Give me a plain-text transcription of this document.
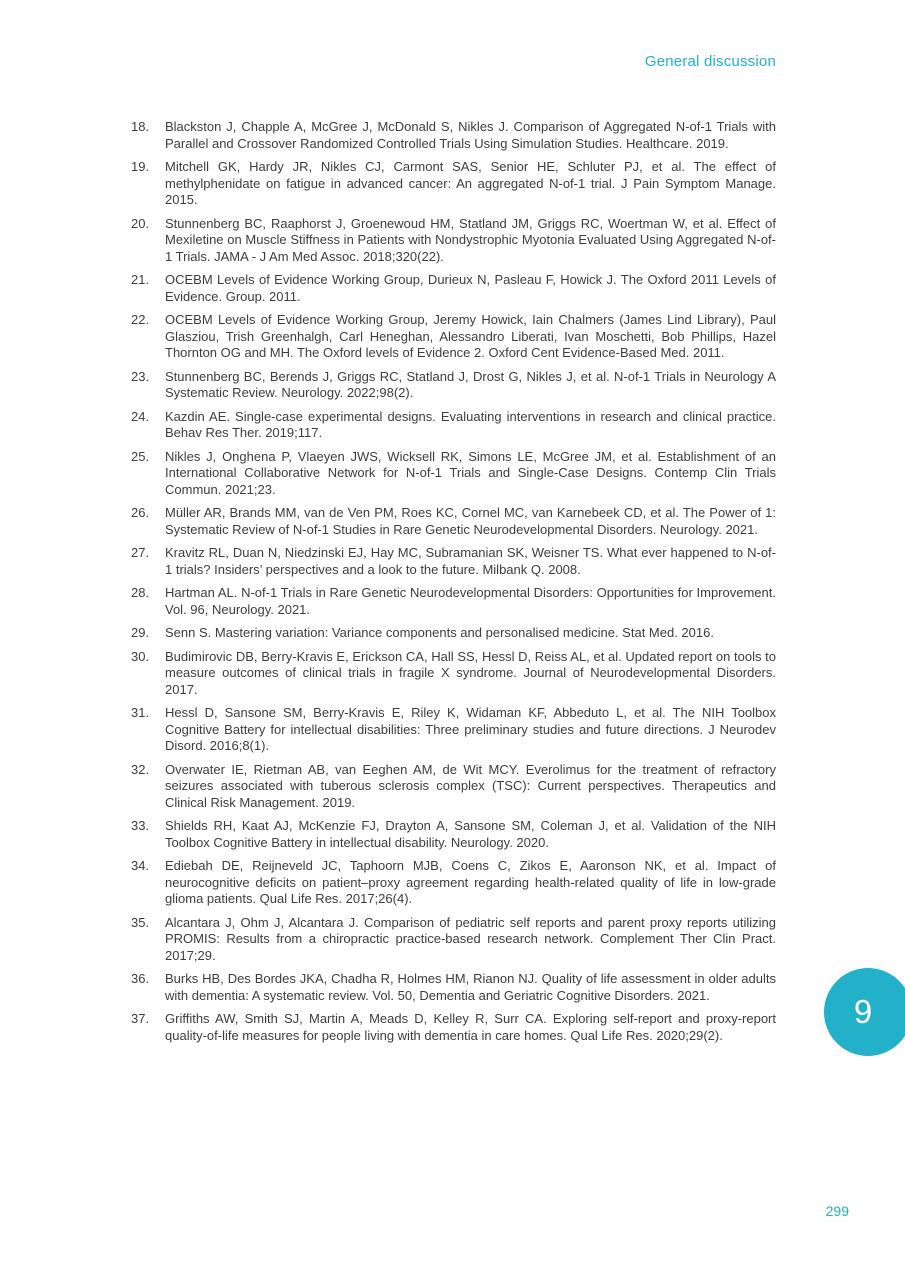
General discussion
18.	Blackston J, Chapple A, McGree J, McDonald S, Nikles J. Comparison of Aggregated N-of-1 Trials with Parallel and Crossover Randomized Controlled Trials Using Simulation Studies. Healthcare. 2019.
19.	Mitchell GK, Hardy JR, Nikles CJ, Carmont SAS, Senior HE, Schluter PJ, et al. The effect of methylphenidate on fatigue in advanced cancer: An aggregated N-of-1 trial. J Pain Symptom Manage. 2015.
20.	Stunnenberg BC, Raaphorst J, Groenewoud HM, Statland JM, Griggs RC, Woertman W, et al. Effect of Mexiletine on Muscle Stiffness in Patients with Nondystrophic Myotonia Evaluated Using Aggregated N-of-1 Trials. JAMA - J Am Med Assoc. 2018;320(22).
21.	OCEBM Levels of Evidence Working Group, Durieux N, Pasleau F, Howick J. The Oxford 2011 Levels of Evidence. Group. 2011.
22.	OCEBM Levels of Evidence Working Group, Jeremy Howick, Iain Chalmers (James Lind Library), Paul Glasziou, Trish Greenhalgh, Carl Heneghan, Alessandro Liberati, Ivan Moschetti, Bob Phillips, Hazel Thornton OG and MH. The Oxford levels of Evidence 2. Oxford Cent Evidence-Based Med. 2011.
23.	Stunnenberg BC, Berends J, Griggs RC, Statland J, Drost G, Nikles J, et al. N-of-1 Trials in Neurology A Systematic Review. Neurology. 2022;98(2).
24.	Kazdin AE. Single-case experimental designs. Evaluating interventions in research and clinical practice. Behav Res Ther. 2019;117.
25.	Nikles J, Onghena P, Vlaeyen JWS, Wicksell RK, Simons LE, McGree JM, et al. Establishment of an International Collaborative Network for N-of-1 Trials and Single-Case Designs. Contemp Clin Trials Commun. 2021;23.
26.	Müller AR, Brands MM, van de Ven PM, Roes KC, Cornel MC, van Karnebeek CD, et al. The Power of 1: Systematic Review of N-of-1 Studies in Rare Genetic Neurodevelopmental Disorders. Neurology. 2021.
27.	Kravitz RL, Duan N, Niedzinski EJ, Hay MC, Subramanian SK, Weisner TS. What ever happened to N-of-1 trials? Insiders’ perspectives and a look to the future. Milbank Q. 2008.
28.	Hartman AL. N-of-1 Trials in Rare Genetic Neurodevelopmental Disorders: Opportunities for Improvement. Vol. 96, Neurology. 2021.
29.	Senn S. Mastering variation: Variance components and personalised medicine. Stat Med. 2016.
30.	Budimirovic DB, Berry-Kravis E, Erickson CA, Hall SS, Hessl D, Reiss AL, et al. Updated report on tools to measure outcomes of clinical trials in fragile X syndrome. Journal of Neurodevelopmental Disorders. 2017.
31.	Hessl D, Sansone SM, Berry-Kravis E, Riley K, Widaman KF, Abbeduto L, et al. The NIH Toolbox Cognitive Battery for intellectual disabilities: Three preliminary studies and future directions. J Neurodev Disord. 2016;8(1).
32.	Overwater IE, Rietman AB, van Eeghen AM, de Wit MCY. Everolimus for the treatment of refractory seizures associated with tuberous sclerosis complex (TSC): Current perspectives. Therapeutics and Clinical Risk Management. 2019.
33.	Shields RH, Kaat AJ, McKenzie FJ, Drayton A, Sansone SM, Coleman J, et al. Validation of the NIH Toolbox Cognitive Battery in intellectual disability. Neurology. 2020.
34.	Ediebah DE, Reijneveld JC, Taphoorn MJB, Coens C, Zikos E, Aaronson NK, et al. Impact of neurocognitive deficits on patient–proxy agreement regarding health-related quality of life in low-grade glioma patients. Qual Life Res. 2017;26(4).
35.	Alcantara J, Ohm J, Alcantara J. Comparison of pediatric self reports and parent proxy reports utilizing PROMIS: Results from a chiropractic practice-based research network. Complement Ther Clin Pract. 2017;29.
36.	Burks HB, Des Bordes JKA, Chadha R, Holmes HM, Rianon NJ. Quality of life assessment in older adults with dementia: A systematic review. Vol. 50, Dementia and Geriatric Cognitive Disorders. 2021.
37.	Griffiths AW, Smith SJ, Martin A, Meads D, Kelley R, Surr CA. Exploring self-report and proxy-report quality-of-life measures for people living with dementia in care homes. Qual Life Res. 2020;29(2).
9
299
